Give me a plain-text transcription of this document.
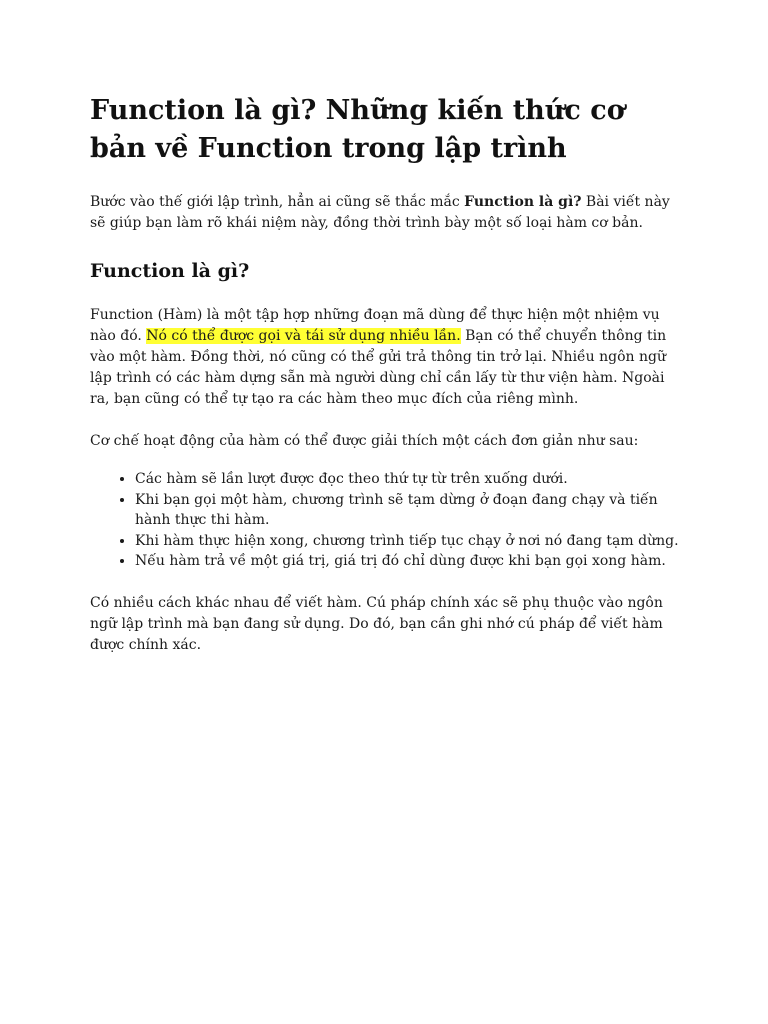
Function là gì? Những kiến thức cơ bản về Function trong lập trình

Bước vào thế giới lập trình, hẳn ai cũng sẽ thắc mắc Function là gì? Bài viết này sẽ giúp bạn làm rõ khái niệm này, đồng thời trình bày một số loại hàm cơ bản.

Function là gì?

Function (Hàm) là một tập hợp những đoạn mã dùng để thực hiện một nhiệm vụ nào đó. Nó có thể được gọi và tái sử dụng nhiều lần. Bạn có thể chuyển thông tin vào một hàm. Đồng thời, nó cũng có thể gửi trả thông tin trở lại. Nhiều ngôn ngữ lập trình có các hàm dựng sẵn mà người dùng chỉ cần lấy từ thư viện hàm. Ngoài ra, bạn cũng có thể tự tạo ra các hàm theo mục đích của riêng mình.

Cơ chế hoạt động của hàm có thể được giải thích một cách đơn giản như sau:

• Các hàm sẽ lần lượt được đọc theo thứ tự từ trên xuống dưới.
• Khi bạn gọi một hàm, chương trình sẽ tạm dừng ở đoạn đang chạy và tiến hành thực thi hàm.
• Khi hàm thực hiện xong, chương trình tiếp tục chạy ở nơi nó đang tạm dừng.
• Nếu hàm trả về một giá trị, giá trị đó chỉ dùng được khi bạn gọi xong hàm.

Có nhiều cách khác nhau để viết hàm. Cú pháp chính xác sẽ phụ thuộc vào ngôn ngữ lập trình mà bạn đang sử dụng. Do đó, bạn cần ghi nhớ cú pháp để viết hàm được chính xác.
